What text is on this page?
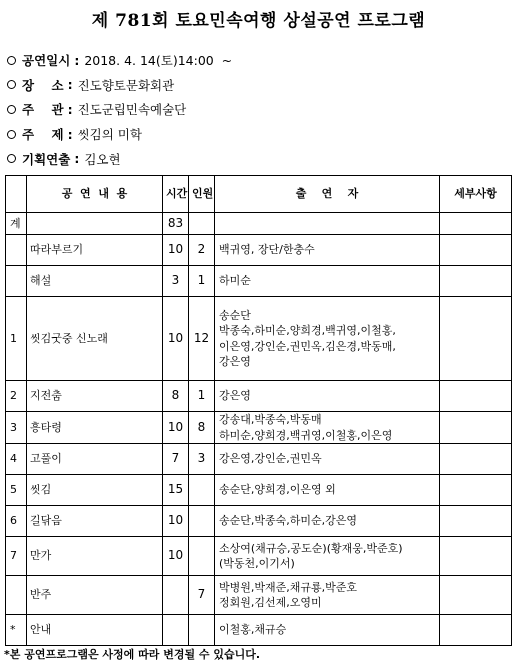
제 781회 토요민속여행 상설공연 프로그램
공연일시 : 2018. 4. 14(토)14:00  ~
장    소 : 진도향토문화회관
주    관 : 진도군립민속예술단
주    제 : 씻김의 미학
기획연출 : 김오현
	공  연  내  용	시간	인원	출    연    자	세부사항
계		83			
	따라부르기	10	2	백귀영, 장단/한충수	
	해설	3	1	하미순	
1	씻김굿중 신노래	10	12	송순단
박종숙,하미순,양희경,백귀영,이철홍,
이은영,강인순,권민옥,김은경,박동매,
강은영	
2	지전춤	8	1	강은영	
3	흥타령	10	8	강송대,박종숙,박동매
하미순,양희경,백귀영,이철홍,이은영	
4	고풀이	7	3	강은영,강인순,권민옥	
5	씻김	15		송순단,양희경,이은영 외	
6	길닦음	10		송순단,박종숙,하미순,강은영	
7	만가	10		소상여(채규승,공도순)(황재웅,박준호)
(박동천,이기서)	
	반주		7	박병원,박재준,채규룡,박준호
정회원,김선제,오영미	
*	안내			이철홍,채규승	
*본 공연프로그램은 사정에 따라 변경될 수 있습니다.
